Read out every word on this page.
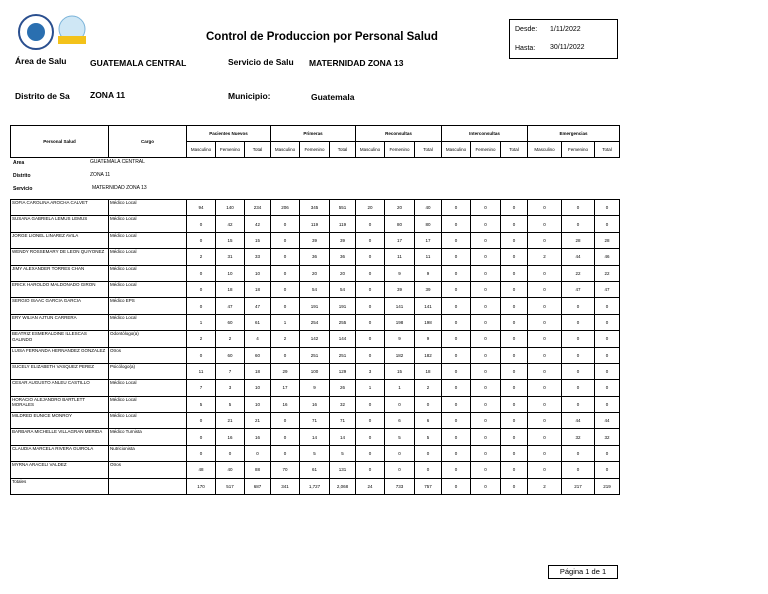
Control de Produccion por Personal Salud
Desde: 1/11/2022
Hasta: 30/11/2022
Área de Salu	GUATEMALA CENTRAL	Servicio de Salu MATERNIDAD ZONA 13
Distrito de Sa ZONA 11	Municipio:	Guatemala
Personal Salud	Cargo	Pacientes Nuevos			Primeras			Reconsultas			Interconsultas			Emergencias		
		Masculino	Femenino	Total	Masculino	Femenino	Total	Masculino	Femenino	Total	Masculino	Femenino	Total	Masculino	Femenino	Total

SOFIA CAROLINA AROCHA CALVET	Médico Local	94	140	234	206	345	551	20	20	40	0	0	0	0	0	0
SUSANA GABRIELA LEMUS LEMUS	Médico Local	0	42	42	0	119	119	0	80	80	0	0	0	0	0	0
JORGE LIONEL LINAREZ AVILA	Médico Local	0	15	15	0	39	39	0	17	17	0	0	0	0	28	28
WENDY ROSSEMARY DE LEON QUIYONEZ	Médico Local	2	31	33	0	36	36	0	11	11	0	0	0	2	44	46
JIMY ALEXANDER TORRES CHAN	Médico Local	0	10	10	0	20	20	0	9	9	0	0	0	0	22	22
ERICK HAROLDO MALDONADO GIRON	Médico Local	0	18	18	0	54	54	0	39	39	0	0	0	0	47	47
SERGIO ISAAC GARCIA GARCIA	Médico EPS	0	47	47	0	191	191	0	141	141	0	0	0	0	0	0
ERY WILIAN AJTUN CARRERA	Médico Local	1	60	61	1	254	255	0	198	198	0	0	0	0	0	0
BEATRIZ ESMERALDINE ILLESCAS GALINDO	Odontólogo(a)	2	2	4	2	142	144	0	9	9	0	0	0	0	0	0
LUISA FERNANDA HERNANDEZ GONZALEZ	Otros	0	60	60	0	251	251	0	182	182	0	0	0	0	0	0
SUCELY ELIZABETH VASQUEZ PEREZ	Psicólogo(a)	11	7	18	29	100	129	3	15	18	0	0	0	0	0	0
CESAR AUGUSTO ANLEU CASTILLO	Médico Local	7	3	10	17	9	26	1	1	2	0	0	0	0	0	0
HORACIO ALEJANDRO BARTLETT MORALES	Médico Local	5	5	10	16	16	32	0	0	0	0	0	0	0	0	0
MILDRED EUNICE MONROY	Médico Local	0	21	21	0	71	71	0	6	6	0	0	0	0	44	44
BARBARA MICHELLE VILLAGRAN MERIDA	Médico Turnista	0	16	16	0	14	14	0	5	5	0	0	0	0	32	32
CLAUDIA MARCELA RIVERA GUIROLA	Nutricionista	0	0	0	0	5	5	0	0	0	0	0	0	0	0	0
MYRNA ARACELI VALDEZ	Otros	48	40	88	70	61	131	0	0	0	0	0	0	0	0	0
Totales		170	517	687	341	1,727	2,068	24	733	757	0	0	0	2	217	219
Area	GUATEMALA CENTRAL
Distrito	ZONA 11
Servicio	MATERNIDAD ZONA 13
Página 1 de 1
